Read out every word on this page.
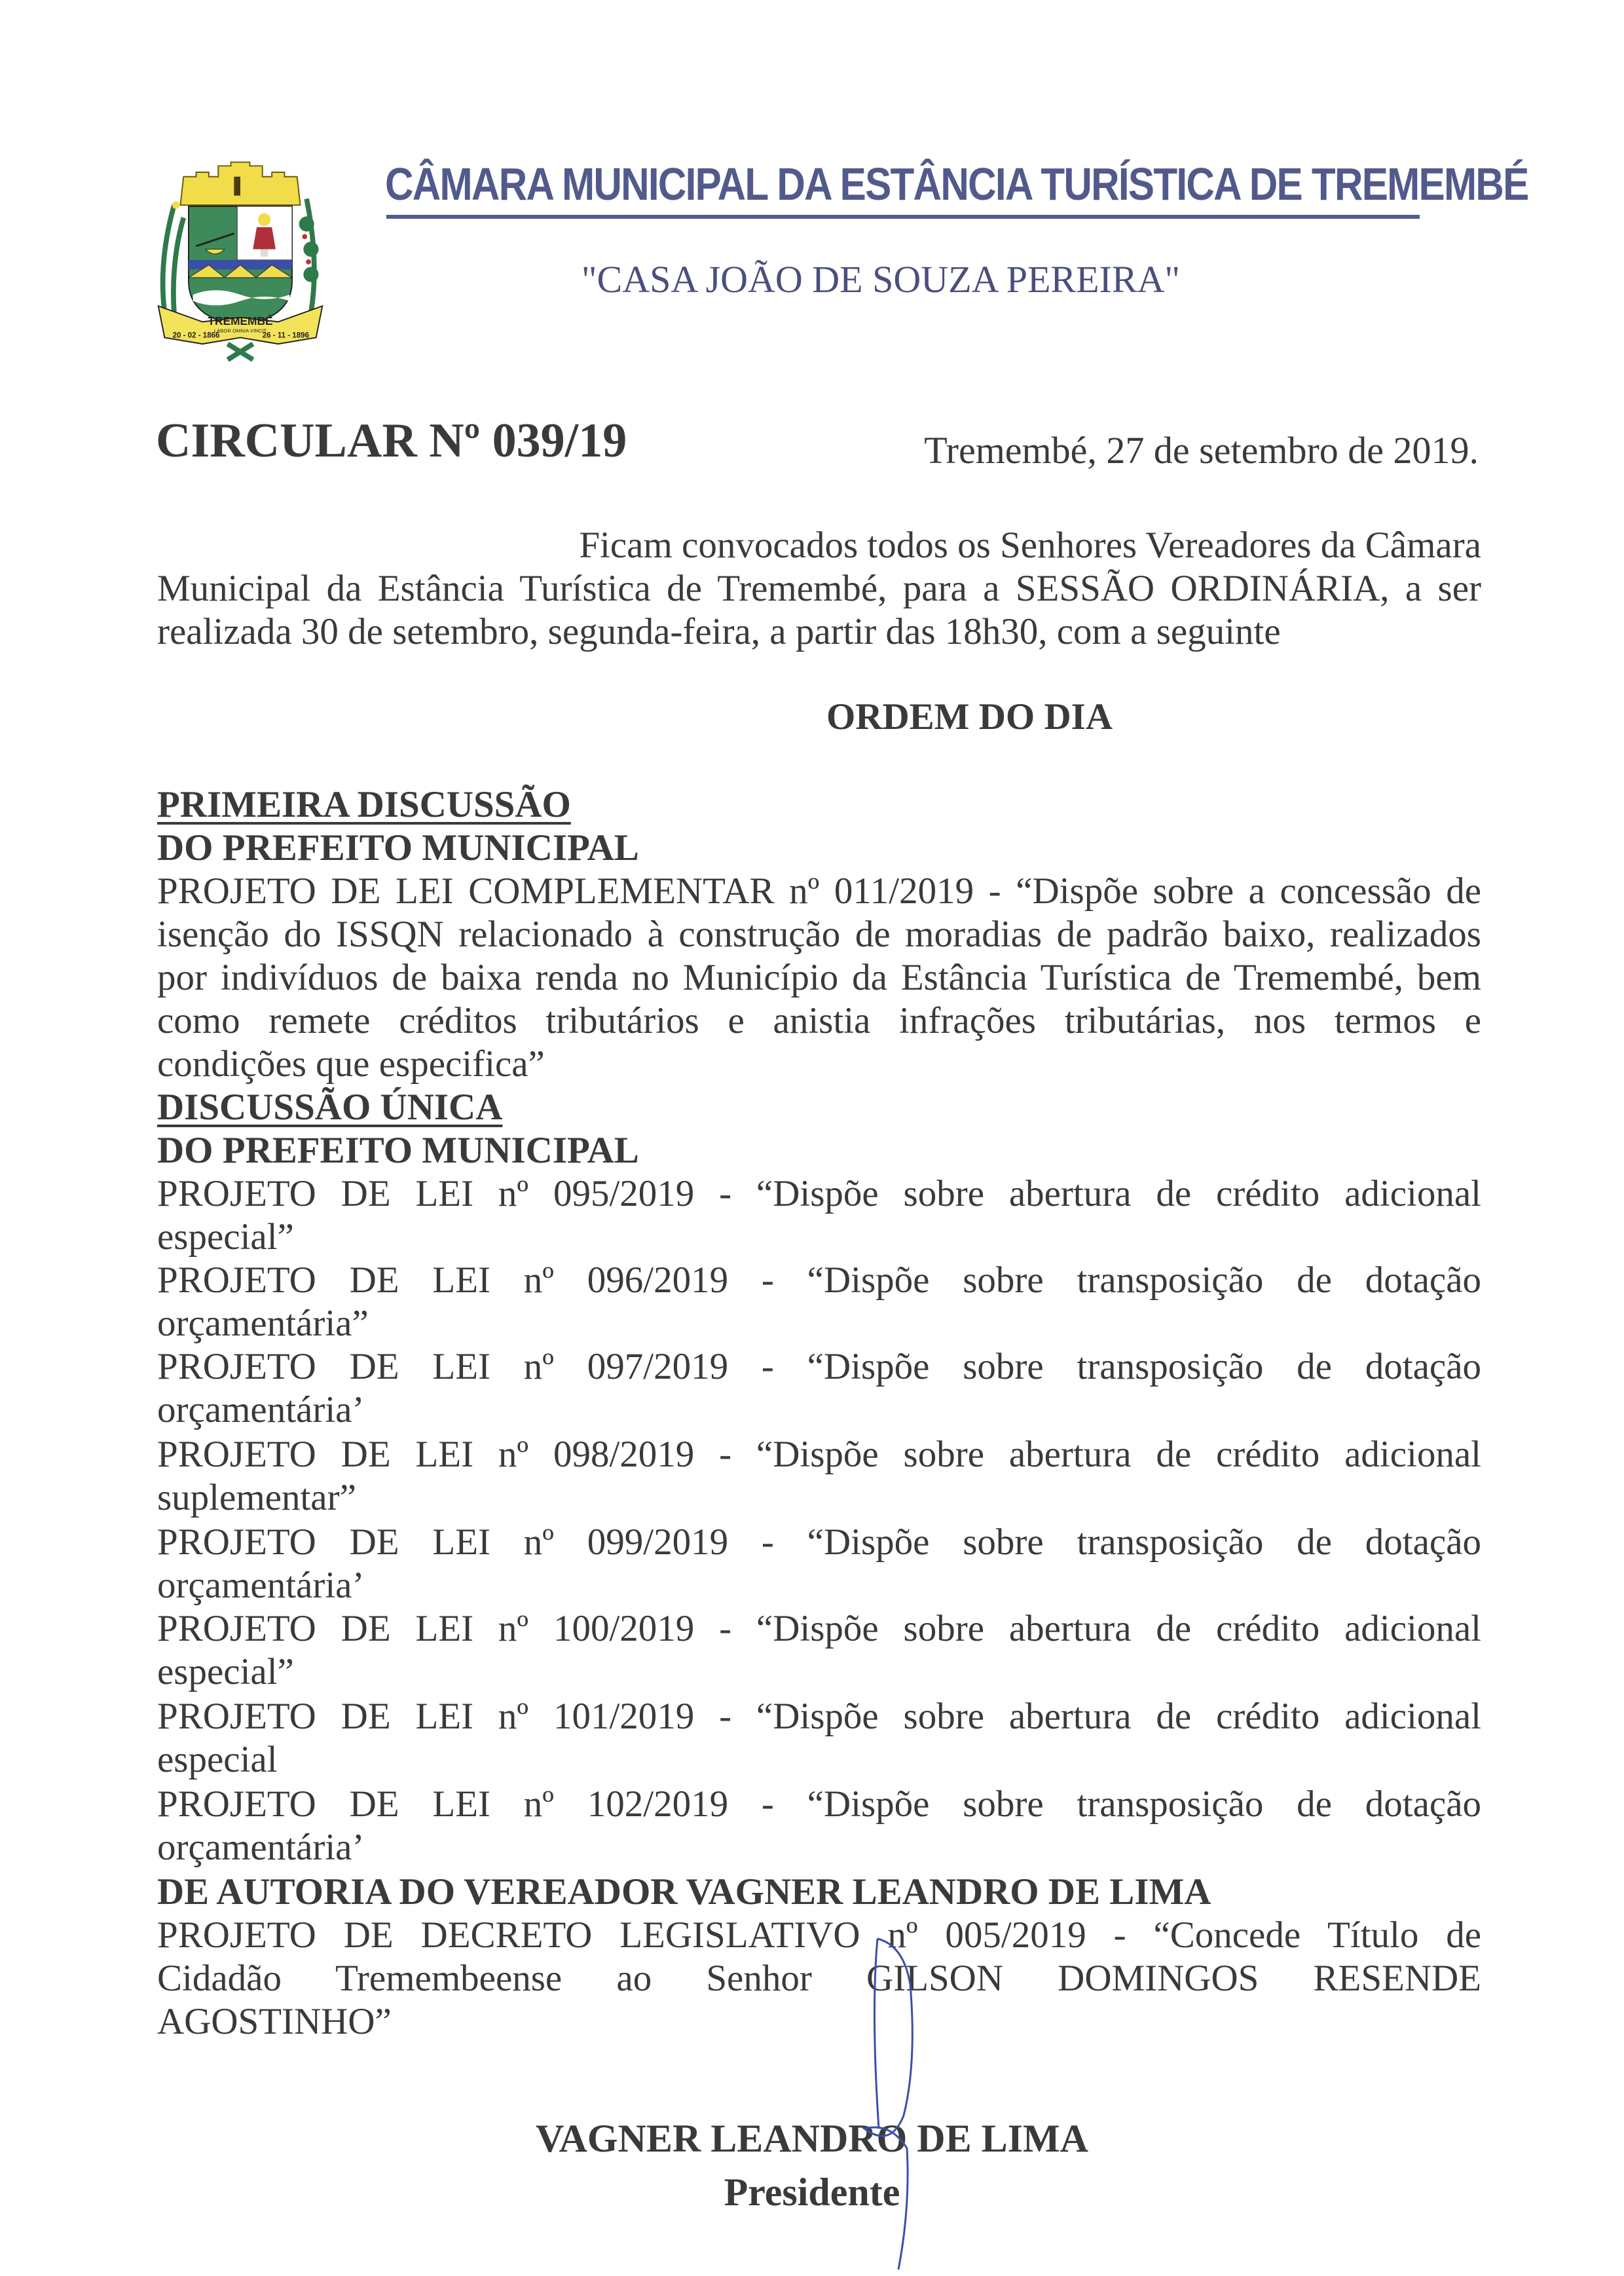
TREMEMBÉ
LABOR OMNIA VINCIT
20 - 02 - 1866	26 - 11 - 1896
CÂMARA MUNICIPAL DA ESTÂNCIA TURÍSTICA DE TREMEMBÉ
"CASA JOÃO DE SOUZA PEREIRA"
CIRCULAR Nº 039/19	Tremembé, 27 de setembro de 2019.
Ficam convocados todos os Senhores Vereadores da Câmara
Municipal da Estância Turística de Tremembé, para a SESSÃO ORDINÁRIA, a ser
realizada 30 de setembro, segunda-feira, a partir das 18h30, com a seguinte
ORDEM DO DIA
PRIMEIRA DISCUSSÃO
DO PREFEITO MUNICIPAL
PROJETO DE LEI COMPLEMENTAR nº 011/2019 - “Dispõe sobre a concessão de
isenção do ISSQN relacionado à construção de moradias de padrão baixo, realizados
por indivíduos de baixa renda no Município da Estância Turística de Tremembé, bem
como remete créditos tributários e anistia infrações tributárias, nos termos e
condições que especifica”
DISCUSSÃO ÚNICA
DO PREFEITO MUNICIPAL
PROJETO DE LEI nº 095/2019 - “Dispõe sobre abertura de crédito adicional
especial”
PROJETO DE LEI nº 096/2019 - “Dispõe sobre transposição de dotação
orçamentária”
PROJETO DE LEI nº 097/2019 - “Dispõe sobre transposição de dotação
orçamentária’
PROJETO DE LEI nº 098/2019 - “Dispõe sobre abertura de crédito adicional
suplementar”
PROJETO DE LEI nº 099/2019 - “Dispõe sobre transposição de dotação
orçamentária’
PROJETO DE LEI nº 100/2019 - “Dispõe sobre abertura de crédito adicional
especial”
PROJETO DE LEI nº 101/2019 - “Dispõe sobre abertura de crédito adicional
especial
PROJETO DE LEI nº 102/2019 - “Dispõe sobre transposição de dotação
orçamentária’
DE AUTORIA DO VEREADOR VAGNER LEANDRO DE LIMA
PROJETO DE DECRETO LEGISLATIVO nº 005/2019 - “Concede Título de
Cidadão Tremembeense ao Senhor GILSON DOMINGOS RESENDE
AGOSTINHO”
VAGNER LEANDRO DE LIMA
Presidente
